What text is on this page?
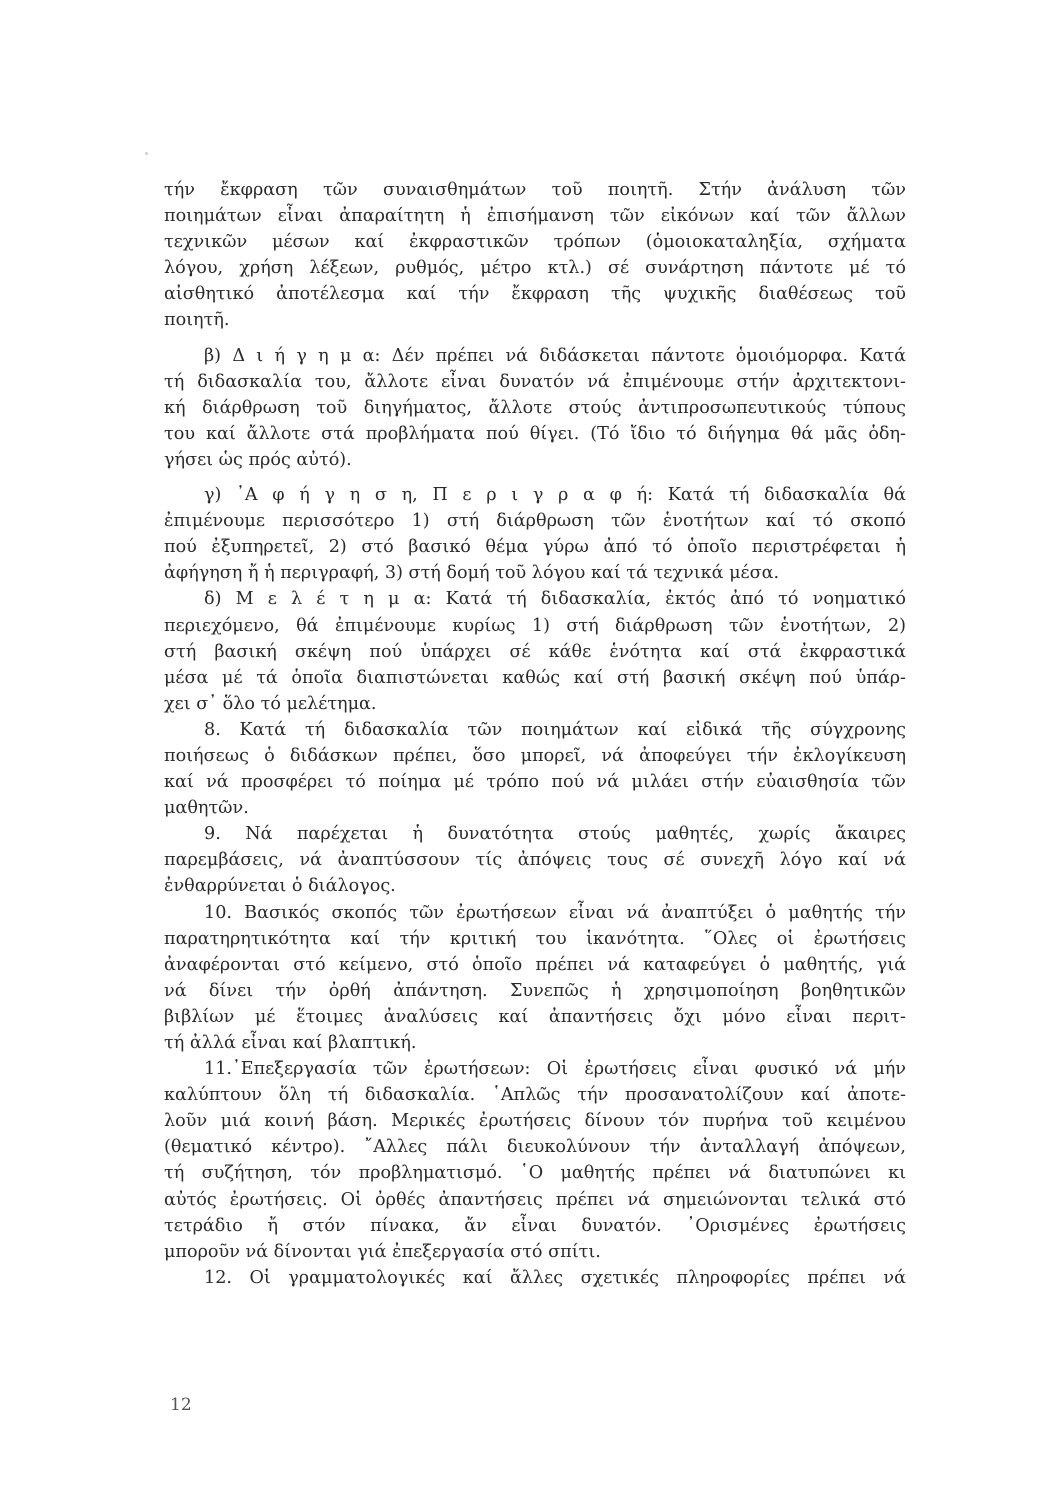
τήν ἔκφραση τῶν συναισθημάτων τοῦ ποιητῆ. Στήν ἀνάλυση τῶν
ποιημάτων εἶναι ἀπαραίτητη ἡ ἐπισήμανση τῶν εἰκόνων καί τῶν ἄλλων
τεχνικῶν μέσων καί ἐκφραστικῶν τρόπων (ὁμοιοκαταληξία, σχήματα
λόγου, χρήση λέξεων, ρυθμός, μέτρο κτλ.) σέ συνάρτηση πάντοτε μέ τό
αἰσθητικό ἀποτέλεσμα καί τήν ἔκφραση τῆς ψυχικῆς διαθέσεως τοῦ
ποιητῆ.
β) Δ ι ή γ η μ α: Δέν πρέπει νά διδάσκεται πάντοτε ὁμοιόμορφα. Κατά
τή διδασκαλία του, ἄλλοτε εἶναι δυνατόν νά ἐπιμένουμε στήν ἀρχιτεκτονι-
κή διάρθρωση τοῦ διηγήματος, ἄλλοτε στούς ἀντιπροσωπευτικούς τύπους
του καί ἄλλοτε στά προβλήματα πού θίγει. (Τό ἴδιο τό διήγημα θά μᾶς ὁδη-
γήσει ὡς πρός αὐτό).
γ) ᾿Α φ ή γ η σ η, Π ε ρ ι γ ρ α φ ή: Κατά τή διδασκαλία θά
ἐπιμένουμε περισσότερο 1) στή διάρθρωση τῶν ἑνοτήτων καί τό σκοπό
πού ἐξυπηρετεῖ, 2) στό βασικό θέμα γύρω ἀπό τό ὁποῖο περιστρέφεται ἡ
ἀφήγηση ἤ ἡ περιγραφή, 3) στή δομή τοῦ λόγου καί τά τεχνικά μέσα.
δ) Μ ε λ έ τ η μ α: Κατά τή διδασκαλία, ἐκτός ἀπό τό νοηματικό
περιεχόμενο, θά ἐπιμένουμε κυρίως 1) στή διάρθρωση τῶν ἑνοτήτων, 2)
στή βασική σκέψη πού ὑπάρχει σέ κάθε ἑνότητα καί στά ἐκφραστικά
μέσα μέ τά ὁποῖα διαπιστώνεται καθώς καί στή βασική σκέψη πού ὑπάρ-
χει σ᾿ ὅλο τό μελέτημα.
8. Κατά τή διδασκαλία τῶν ποιημάτων καί εἰδικά τῆς σύγχρονης
ποιήσεως ὁ διδάσκων πρέπει, ὅσο μπορεῖ, νά ἀποφεύγει τήν ἐκλογίκευση
καί νά προσφέρει τό ποίημα μέ τρόπο πού νά μιλάει στήν εὐαισθησία τῶν
μαθητῶν.
9. Νά παρέχεται ἡ δυνατότητα στούς μαθητές, χωρίς ἄκαιρες
παρεμβάσεις, νά ἀναπτύσσουν τίς ἀπόψεις τους σέ συνεχῆ λόγο καί νά
ἐνθαρρύνεται ὁ διάλογος.
10. Βασικός σκοπός τῶν ἐρωτήσεων εἶναι νά ἀναπτύξει ὁ μαθητής τήν
παρατηρητικότητα καί τήν κριτική του ἱκανότητα. ῞Ολες οἱ ἐρωτήσεις
ἀναφέρονται στό κείμενο, στό ὁποῖο πρέπει νά καταφεύγει ὁ μαθητής, γιά
νά δίνει τήν ὀρθή ἀπάντηση. Συνεπῶς ἡ χρησιμοποίηση βοηθητικῶν
βιβλίων μέ ἕτοιμες ἀναλύσεις καί ἀπαντήσεις ὄχι μόνο εἶναι περιτ-
τή ἀλλά εἶναι καί βλαπτική.
11.᾿Επεξεργασία τῶν ἐρωτήσεων: Οἱ ἐρωτήσεις εἶναι φυσικό νά μήν
καλύπτουν ὅλη τή διδασκαλία. ῾Απλῶς τήν προσανατολίζουν καί ἀποτε-
λοῦν μιά κοινή βάση. Μερικές ἐρωτήσεις δίνουν τόν πυρήνα τοῦ κειμένου
(θεματικό κέντρο). ῎Αλλες πάλι διευκολύνουν τήν ἀνταλλαγή ἀπόψεων,
τή συζήτηση, τόν προβληματισμό. ῾Ο μαθητής πρέπει νά διατυπώνει κι
αὐτός ἐρωτήσεις. Οἱ ὀρθές ἀπαντήσεις πρέπει νά σημειώνονται τελικά στό
τετράδιο ἤ στόν πίνακα, ἄν εἶναι δυνατόν. ᾿Ορισμένες ἐρωτήσεις
μποροῦν νά δίνονται γιά ἐπεξεργασία στό σπίτι.
12. Οἱ γραμματολογικές καί ἄλλες σχετικές πληροφορίες πρέπει νά
12
